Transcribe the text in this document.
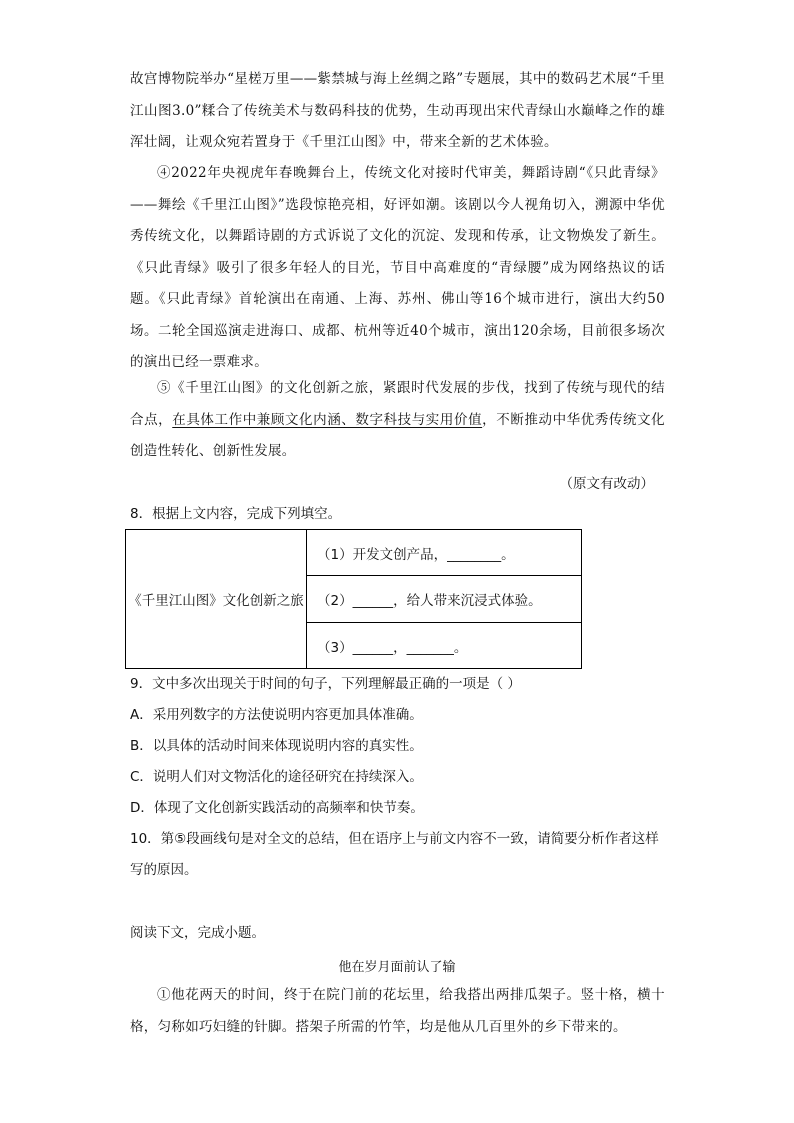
故宫博物院举办“星槎万里——紫禁城与海上丝绸之路”专题展，其中的数码艺术展“千里江山图3.0”糅合了传统美术与数码科技的优势，生动再现出宋代青绿山水巅峰之作的雄浑壮阔，让观众宛若置身于《千里江山图》中，带来全新的艺术体验。
④2022年央视虎年春晚舞台上，传统文化对接时代审美，舞蹈诗剧“《只此青绿》——舞绘《千里江山图》”选段惊艳亮相，好评如潮。该剧以今人视角切入，溯源中华优秀传统文化，以舞蹈诗剧的方式诉说了文化的沉淀、发现和传承，让文物焕发了新生。《只此青绿》吸引了很多年轻人的目光，节目中高难度的“青绿腰”成为网络热议的话题。《只此青绿》首轮演出在南通、上海、苏州、佛山等16个城市进行，演出大约50场。二轮全国巡演走进海口、成都、杭州等近40个城市，演出120余场，目前很多场次的演出已经一票难求。
⑤《千里江山图》的文化创新之旅，紧跟时代发展的步伐，找到了传统与现代的结合点，在具体工作中兼顾文化内涵、数字科技与实用价值，不断推动中华优秀传统文化创造性转化、创新性发展。
（原文有改动）
8．根据上文内容，完成下列填空。
《千里江山图》文化创新之旅	（1）开发文创产品，________。
（2）______，给人带来沉浸式体验。
（3）______，_______。
9．文中多次出现关于时间的句子，下列理解最正确的一项是（ ）
A．采用列数字的方法使说明内容更加具体准确。
B．以具体的活动时间来体现说明内容的真实性。
C．说明人们对文物活化的途径研究在持续深入。
D．体现了文化创新实践活动的高频率和快节奏。
10．第⑤段画线句是对全文的总结，但在语序上与前文内容不一致，请简要分析作者这样写的原因。
阅读下文，完成小题。
他在岁月面前认了输
①他花两天的时间，终于在院门前的花坛里，给我搭出两排瓜架子。竖十格，横十格，匀称如巧妇缝的针脚。搭架子所需的竹竿，均是他从几百里外的乡下带来的。
